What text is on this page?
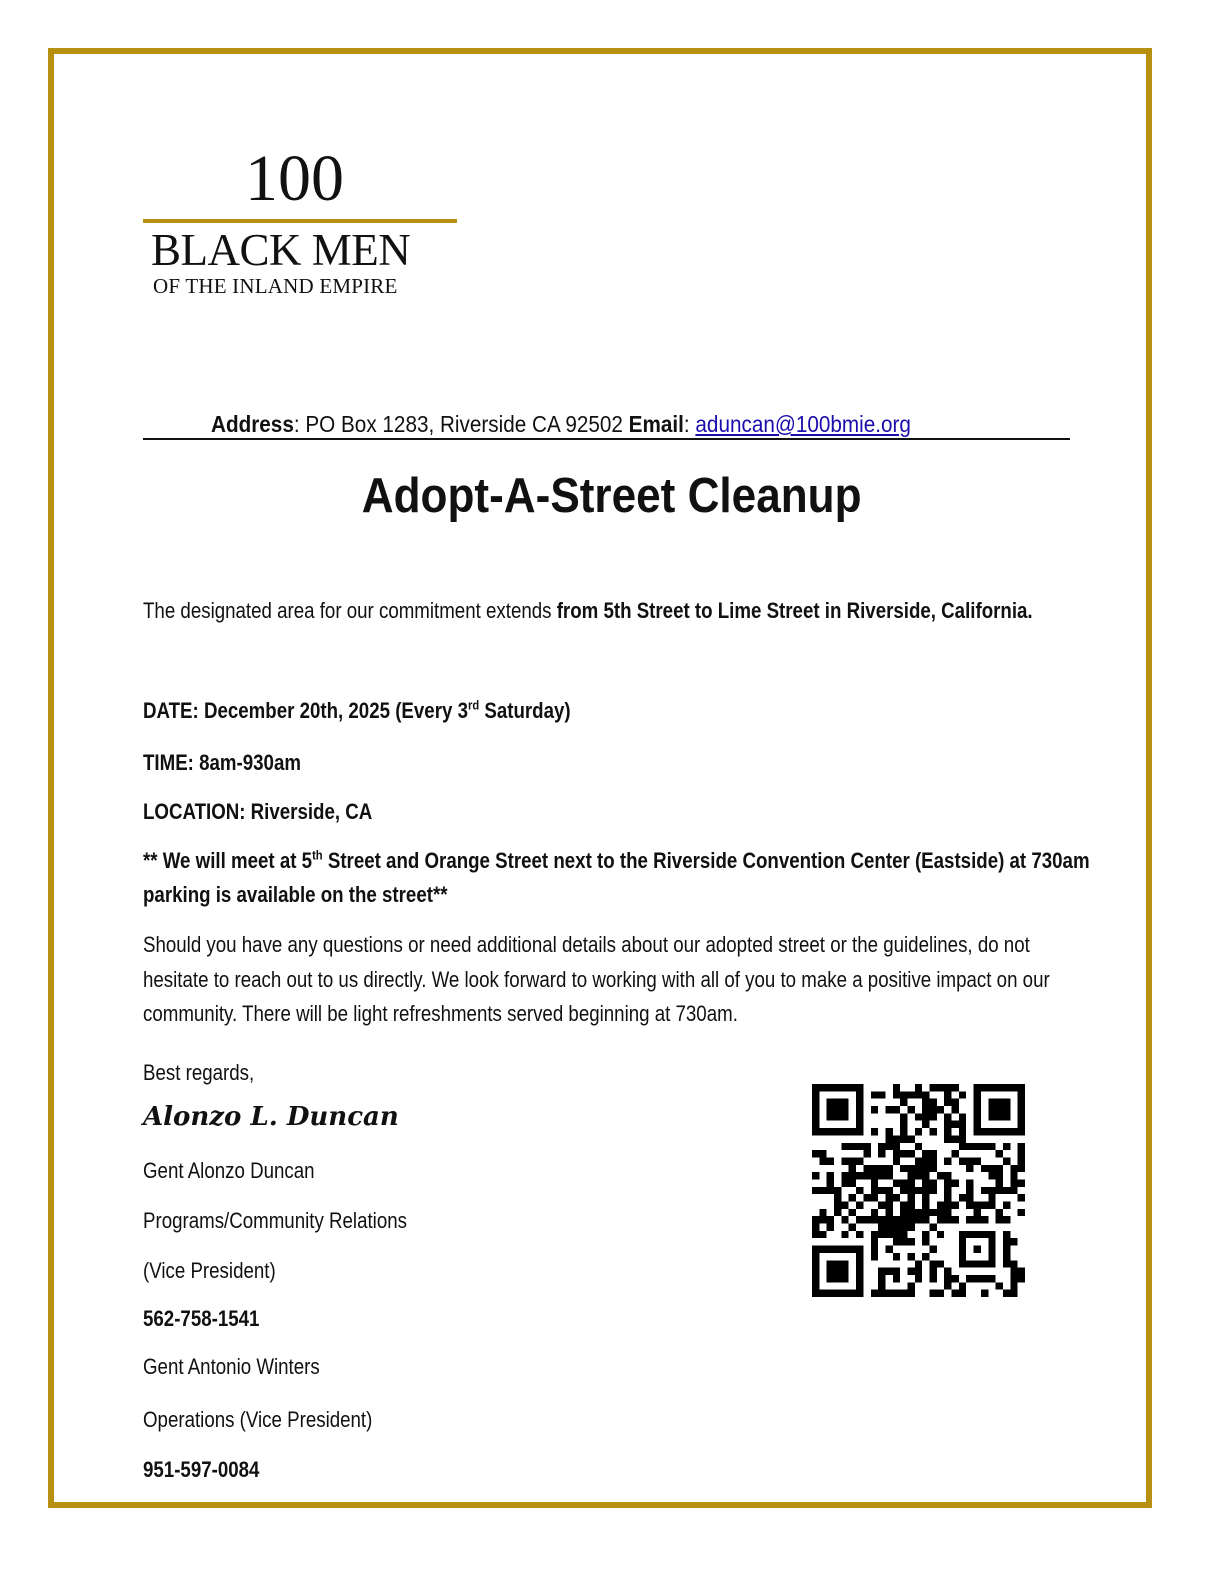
100
BLACK MEN
OF THE INLAND EMPIRE
Address: PO Box 1283, Riverside CA 92502 Email: aduncan@100bmie.org
Adopt-A-Street Cleanup
The designated area for our commitment extends from 5th Street to Lime Street in Riverside, California.
DATE: December 20th, 2025 (Every 3rd Saturday)
TIME: 8am-930am
LOCATION: Riverside, CA
** We will meet at 5th Street and Orange Street next to the Riverside Convention Center (Eastside) at 730am
parking is available on the street**
Should you have any questions or need additional details about our adopted street or the guidelines, do not
hesitate to reach out to us directly. We look forward to working with all of you to make a positive impact on our
community. There will be light refreshments served beginning at 730am.
Best regards,
Alonzo L. Duncan
Gent Alonzo Duncan
Programs/Community Relations
(Vice President)
562-758-1541
Gent Antonio Winters
Operations (Vice President)
951-597-0084
